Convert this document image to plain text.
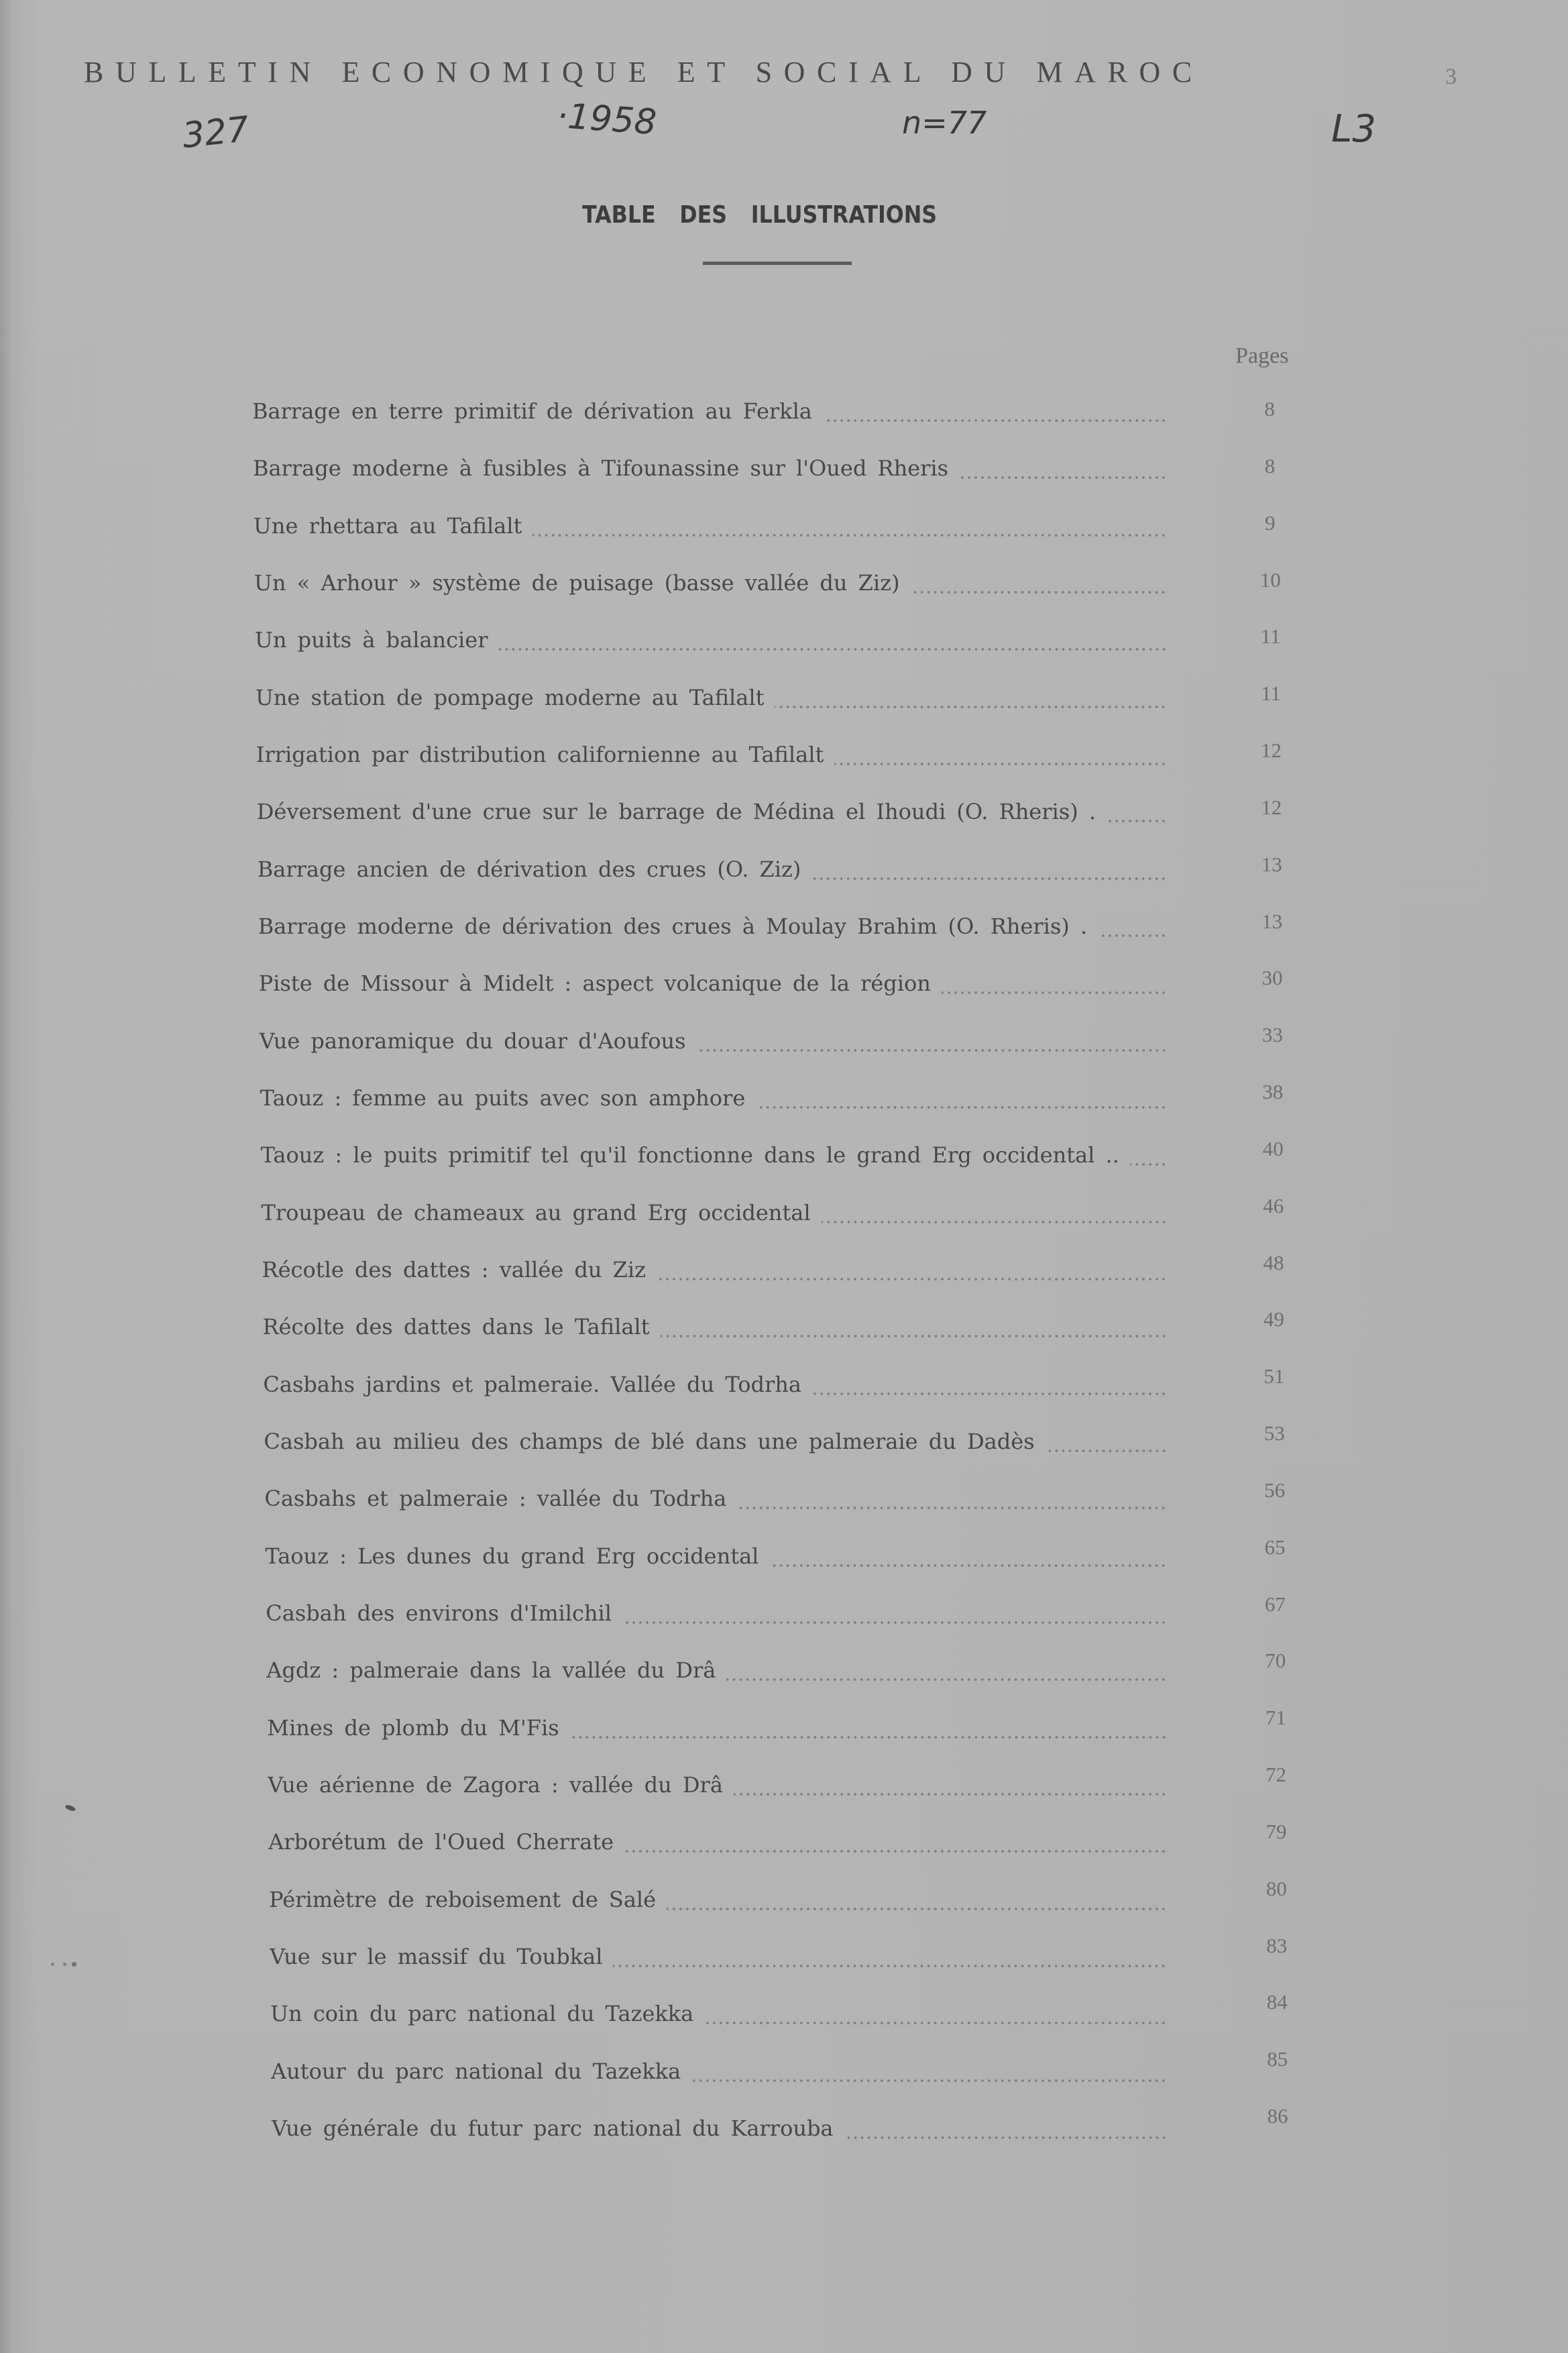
BULLETIN ECONOMIQUE ET SOCIAL DU MAROC	3
327	·1958	n=77	L3
TABLE DES ILLUSTRATIONS
Pages
Barrage en terre primitif de dérivation au Ferkla	8
Barrage moderne à fusibles à Tifounassine sur l'Oued Rheris	8
Une rhettara au Tafilalt	9
Un « Arhour » système de puisage (basse vallée du Ziz)	10
Un puits à balancier	11
Une station de pompage moderne au Tafilalt	11
Irrigation par distribution californienne au Tafilalt	12
Déversement d'une crue sur le barrage de Médina el Ihoudi (O. Rheris) .	12
Barrage ancien de dérivation des crues (O. Ziz)	13
Barrage moderne de dérivation des crues à Moulay Brahim (O. Rheris) .	13
Piste de Missour à Midelt : aspect volcanique de la région	30
Vue panoramique du douar d'Aoufous	33
Taouz : femme au puits avec son amphore	38
Taouz : le puits primitif tel qu'il fonctionne dans le grand Erg occidental ..	40
Troupeau de chameaux au grand Erg occidental	46
Récotle des dattes : vallée du Ziz	48
Récolte des dattes dans le Tafilalt	49
Casbahs jardins et palmeraie. Vallée du Todrha	51
Casbah au milieu des champs de blé dans une palmeraie du Dadès	53
Casbahs et palmeraie : vallée du Todrha	56
Taouz : Les dunes du grand Erg occidental	65
Casbah des environs d'Imilchil	67
Agdz : palmeraie dans la vallée du Drâ	70
Mines de plomb du M'Fis	71
Vue aérienne de Zagora : vallée du Drâ	72
Arborétum de l'Oued Cherrate	79
Périmètre de reboisement de Salé	80
Vue sur le massif du Toubkal	83
Un coin du parc national du Tazekka	84
Autour du parc national du Tazekka	85
Vue générale du futur parc national du Karrouba	86
